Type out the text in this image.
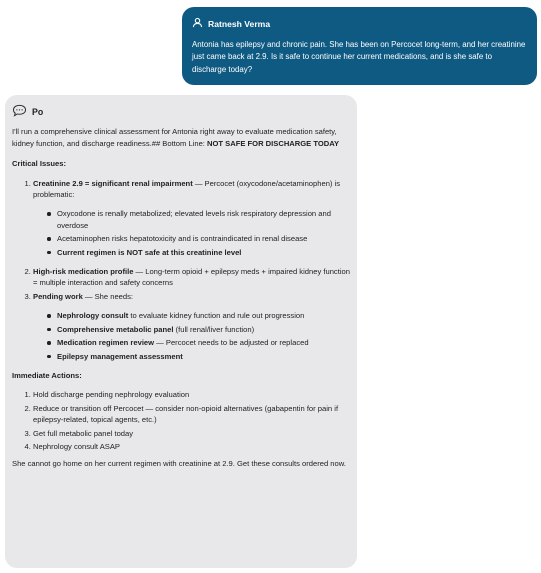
Ratnesh Verma
Antonia has epilepsy and chronic pain. She has been on Percocet long-term, and her creatinine just came back at 2.9. Is it safe to continue her current medications, and is she safe to discharge today?
Po
I'll run a comprehensive clinical assessment for Antonia right away to evaluate medication safety, kidney function, and discharge readiness.## Bottom Line: NOT SAFE FOR DISCHARGE TODAY
Critical Issues:
1. Creatinine 2.9 = significant renal impairment — Percocet (oxycodone/acetaminophen) is problematic:
Oxycodone is renally metabolized; elevated levels risk respiratory depression and overdose
Acetaminophen risks hepatotoxicity and is contraindicated in renal disease
Current regimen is NOT safe at this creatinine level
2. High-risk medication profile — Long-term opioid + epilepsy meds + impaired kidney function = multiple interaction and safety concerns
3. Pending work — She needs:
Nephrology consult to evaluate kidney function and rule out progression
Comprehensive metabolic panel (full renal/liver function)
Medication regimen review — Percocet needs to be adjusted or replaced
Epilepsy management assessment
Immediate Actions:
1. Hold discharge pending nephrology evaluation
2. Reduce or transition off Percocet — consider non-opioid alternatives (gabapentin for pain if epilepsy-related, topical agents, etc.)
3. Get full metabolic panel today
4. Nephrology consult ASAP
She cannot go home on her current regimen with creatinine at 2.9. Get these consults ordered now.
